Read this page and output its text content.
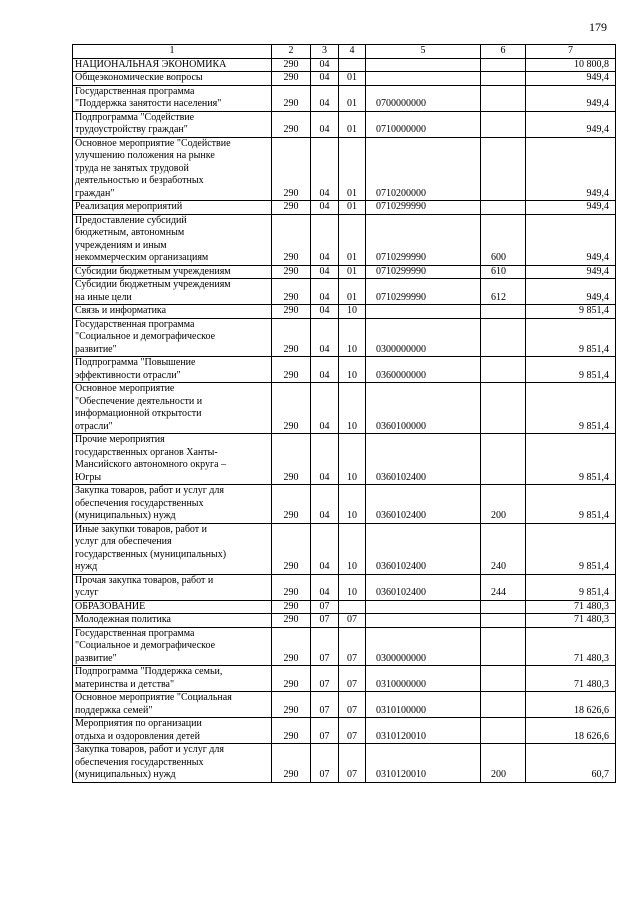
179
1	2	3	4	5	6	7
НАЦИОНАЛЬНАЯ ЭКОНОМИКА	290	04				10 800,8
Общеэкономические вопросы	290	04	01			949,4
Государственная программа
"Поддержка занятости населения"	290	04	01	0700000000		949,4
Подпрограмма "Содействие
трудоустройству граждан"	290	04	01	0710000000		949,4
Основное мероприятие "Содействие
улучшению положения на рынке
труда не занятых трудовой
деятельностью и безработных
граждан"	290	04	01	0710200000		949,4
Реализация мероприятий	290	04	01	0710299990		949,4
Предоставление субсидий
бюджетным, автономным
учреждениям и иным
некоммерческим организациям	290	04	01	0710299990	600	949,4
Субсидии бюджетным учреждениям	290	04	01	0710299990	610	949,4
Субсидии бюджетным учреждениям
на иные цели	290	04	01	0710299990	612	949,4
Связь и информатика	290	04	10			9 851,4
Государственная программа
"Социальное и демографическое
развитие"	290	04	10	0300000000		9 851,4
Подпрограмма "Повышение
эффективности отрасли"	290	04	10	0360000000		9 851,4
Основное мероприятие
"Обеспечение деятельности и
информационной открытости
отрасли"	290	04	10	0360100000		9 851,4
Прочие мероприятия
государственных органов Ханты-
Мансийского автономного округа –
Югры	290	04	10	0360102400		9 851,4
Закупка товаров, работ и услуг для
обеспечения государственных
(муниципальных) нужд	290	04	10	0360102400	200	9 851,4
Иные закупки товаров, работ и
услуг для обеспечения
государственных (муниципальных)
нужд	290	04	10	0360102400	240	9 851,4
Прочая закупка товаров, работ и
услуг	290	04	10	0360102400	244	9 851,4
ОБРАЗОВАНИЕ	290	07				71 480,3
Молодежная политика	290	07	07			71 480,3
Государственная программа
"Социальное и демографическое
развитие"	290	07	07	0300000000		71 480,3
Подпрограмма "Поддержка семьи,
материнства и детства"	290	07	07	0310000000		71 480,3
Основное мероприятие "Социальная
поддержка семей"	290	07	07	0310100000		18 626,6
Мероприятия по организации
отдыха и оздоровления детей	290	07	07	0310120010		18 626,6
Закупка товаров, работ и услуг для
обеспечения государственных
(муниципальных) нужд	290	07	07	0310120010	200	60,7
